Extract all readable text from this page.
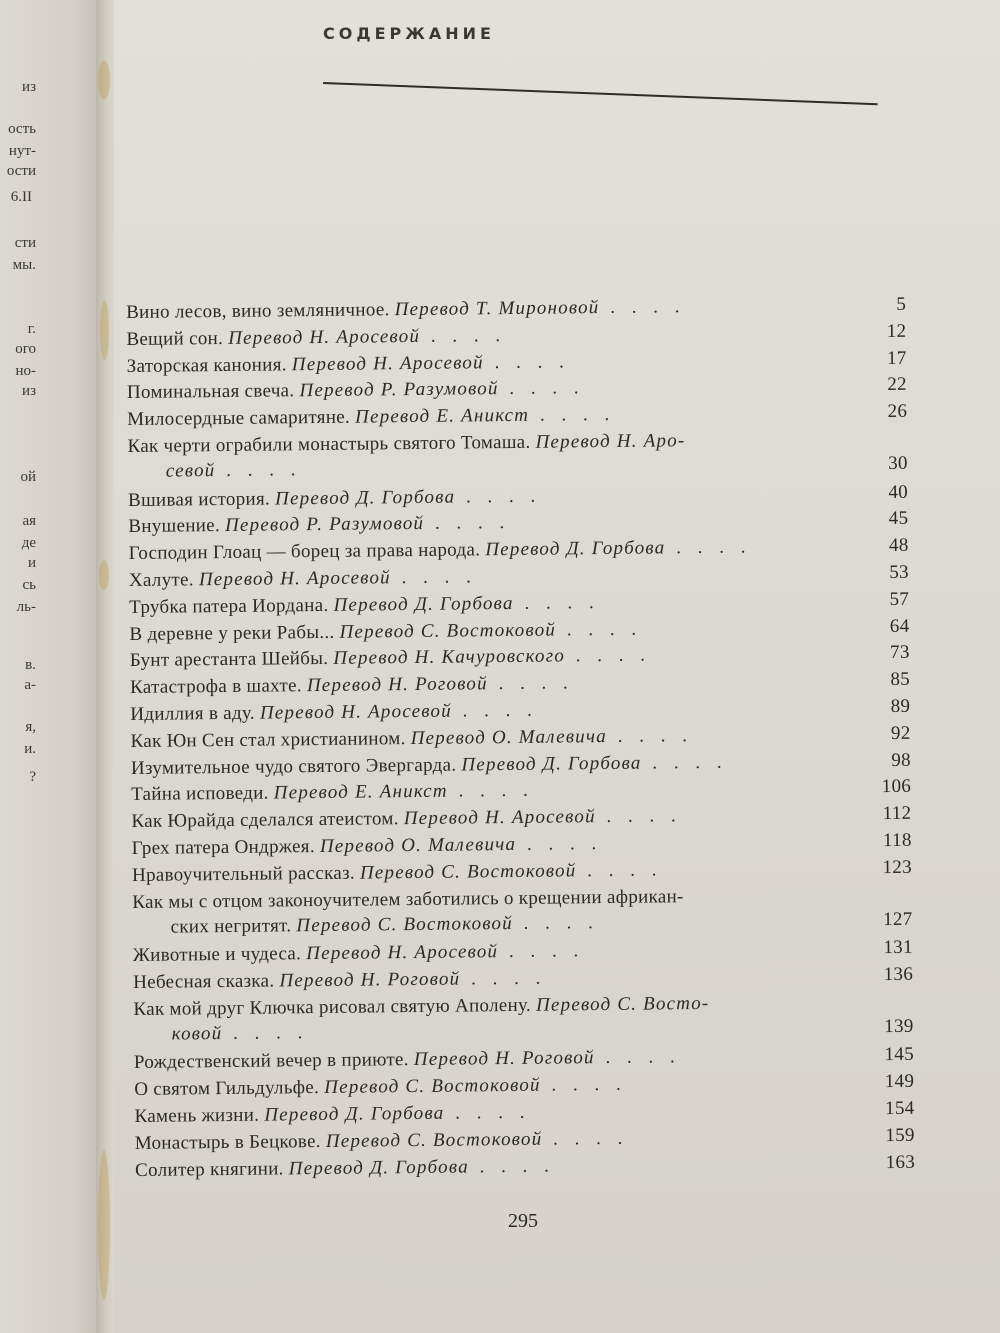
из
ость
нут-
ости
6.II
сти
мы.
г.
ого
но-
из
ой
ая
де
и
сь
ль-
в.
а-
я,
и.
?
СОДЕРЖАНИЕ
Вино лесов, вино земляничное. Перевод Т. Мироновой . . . .	5
Вещий сон. Перевод Н. Аросевой . . . .	12
Заторская канония. Перевод Н. Аросевой . . . .	17
Поминальная свеча. Перевод Р. Разумовой . . . .	22
Милосердные самаритяне. Перевод Е. Аникст . . . .	26
Как черти ограбили монастырь святого Томаша. Перевод Н. Аро-
севой . . . .	30
Вшивая история. Перевод Д. Горбова . . . .	40
Внушение. Перевод Р. Разумовой . . . .	45
Господин Глоац — борец за права народа. Перевод Д. Горбова . . . .	48
Халуте. Перевод Н. Аросевой . . . .	53
Трубка патера Иордана. Перевод Д. Горбова . . . .	57
В деревне у реки Рабы... Перевод С. Востоковой . . . .	64
Бунт арестанта Шейбы. Перевод Н. Качуровского . . . .	73
Катастрофа в шахте. Перевод Н. Роговой . . . .	85
Идиллия в аду. Перевод Н. Аросевой . . . .	89
Как Юн Сен стал христианином. Перевод О. Малевича . . . .	92
Изумительное чудо святого Эвергарда. Перевод Д. Горбова . . . .	98
Тайна исповеди. Перевод Е. Аникст . . . .	106
Как Юрайда сделался атеистом. Перевод Н. Аросевой . . . .	112
Грех патера Ондржея. Перевод О. Малевича . . . .	118
Нравоучительный рассказ. Перевод С. Востоковой . . . .	123
Как мы с отцом законоучителем заботились о крещении африкан-
ских негритят. Перевод С. Востоковой . . . .	127
Животные и чудеса. Перевод Н. Аросевой . . . .	131
Небесная сказка. Перевод Н. Роговой . . . .	136
Как мой друг Ключка рисовал святую Аполену. Перевод С. Восто-
ковой . . . .	139
Рождественский вечер в приюте. Перевод Н. Роговой . . . .	145
О святом Гильдульфе. Перевод С. Востоковой . . . .	149
Камень жизни. Перевод Д. Горбова . . . .	154
Монастырь в Бецкове. Перевод С. Востоковой . . . .	159
Солитер княгини. Перевод Д. Горбова . . . .	163
295
